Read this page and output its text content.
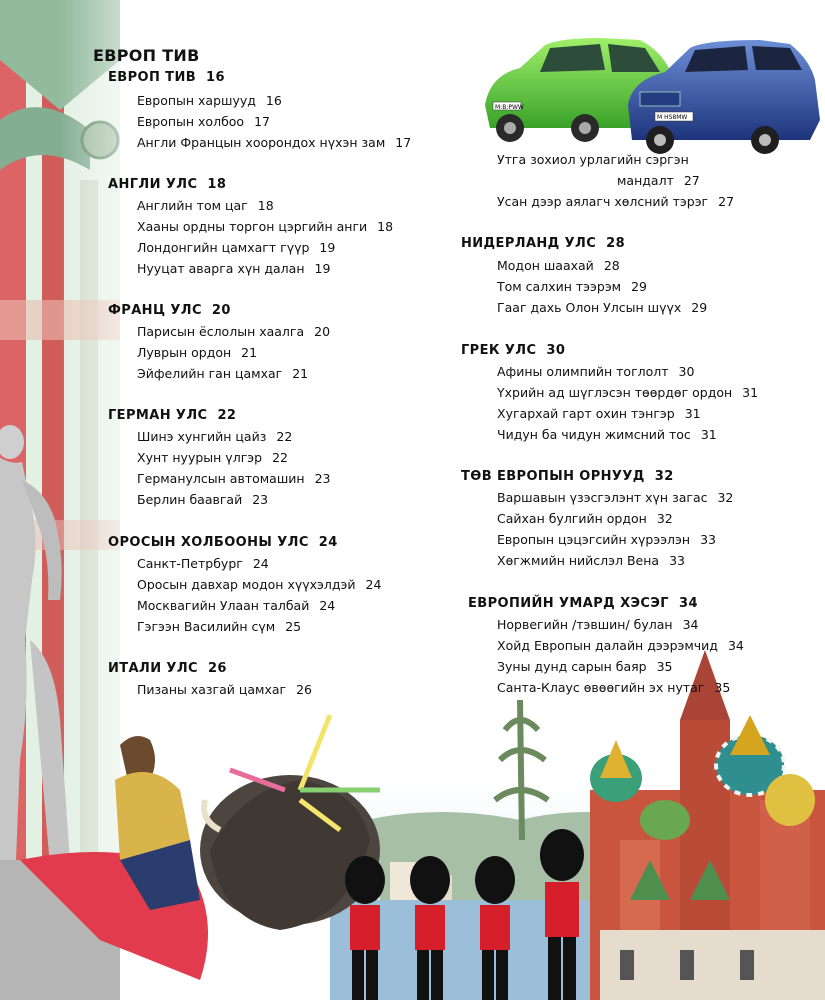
M:B:PWW
M HS8MW
ЕВРОП ТИВ
ЕВРОП ТИВ 16
Европын харшууд 16
Европын холбоо 17
Англи Францын хоорондох нүхэн зам 17
АНГЛИ УЛС 18
Английн том цаг 18
Хааны ордны торгон цэргийн анги 18
Лондонгийн цамхагт гүүр 19
Нууцат аварга хүн далан 19
ФРАНЦ УЛС 20
Парисын ёслолын хаалга 20
Луврын ордон 21
Эйфелийн ган цамхаг 21
ГЕРМАН УЛС 22
Шинэ хунгийн цайз 22
Хунт нуурын үлгэр 22
Германулсын автомашин 23
Берлин баавгай 23
ОРОСЫН ХОЛБООНЫ УЛС 24
Санкт-Петрбург 24
Оросын давхар модон хүүхэлдэй 24
Москвагийн Улаан талбай 24
Гэгээн Василийн сүм 25
ИТАЛИ УЛС 26
Пизаны хазгай цамхаг 26
Утга зохиол урлагийн сэргэн
мандалт 27
Усан дээр аялагч хөлсний тэрэг 27
НИДЕРЛАНД УЛС 28
Модон шаахай 28
Том салхин тээрэм 29
Гааг дахь Олон Улсын шүүх 29
ГРЕК УЛС 30
Афины олимпийн тоглолт 30
Үхрийн ад шүглэсэн төөрдөг ордон 31
Хугархай гарт охин тэнгэр 31
Чидун ба чидун жимсний тос 31
ТӨВ ЕВРОПЫН ОРНУУД 32
Варшавын үзэсгэлэнт хүн загас 32
Сайхан булгийн ордон 32
Европын цэцэгсийн хүрээлэн 33
Хөгжмийн нийслэл Вена 33
ЕВРОПИЙН УМАРД ХЭСЭГ 34
Норвегийн /тэвшин/ булан 34
Хойд Европын далайн дээрэмчид 34
Зуны дунд сарын баяр 35
Санта-Клаус өвөөгийн эх нутаг 35
